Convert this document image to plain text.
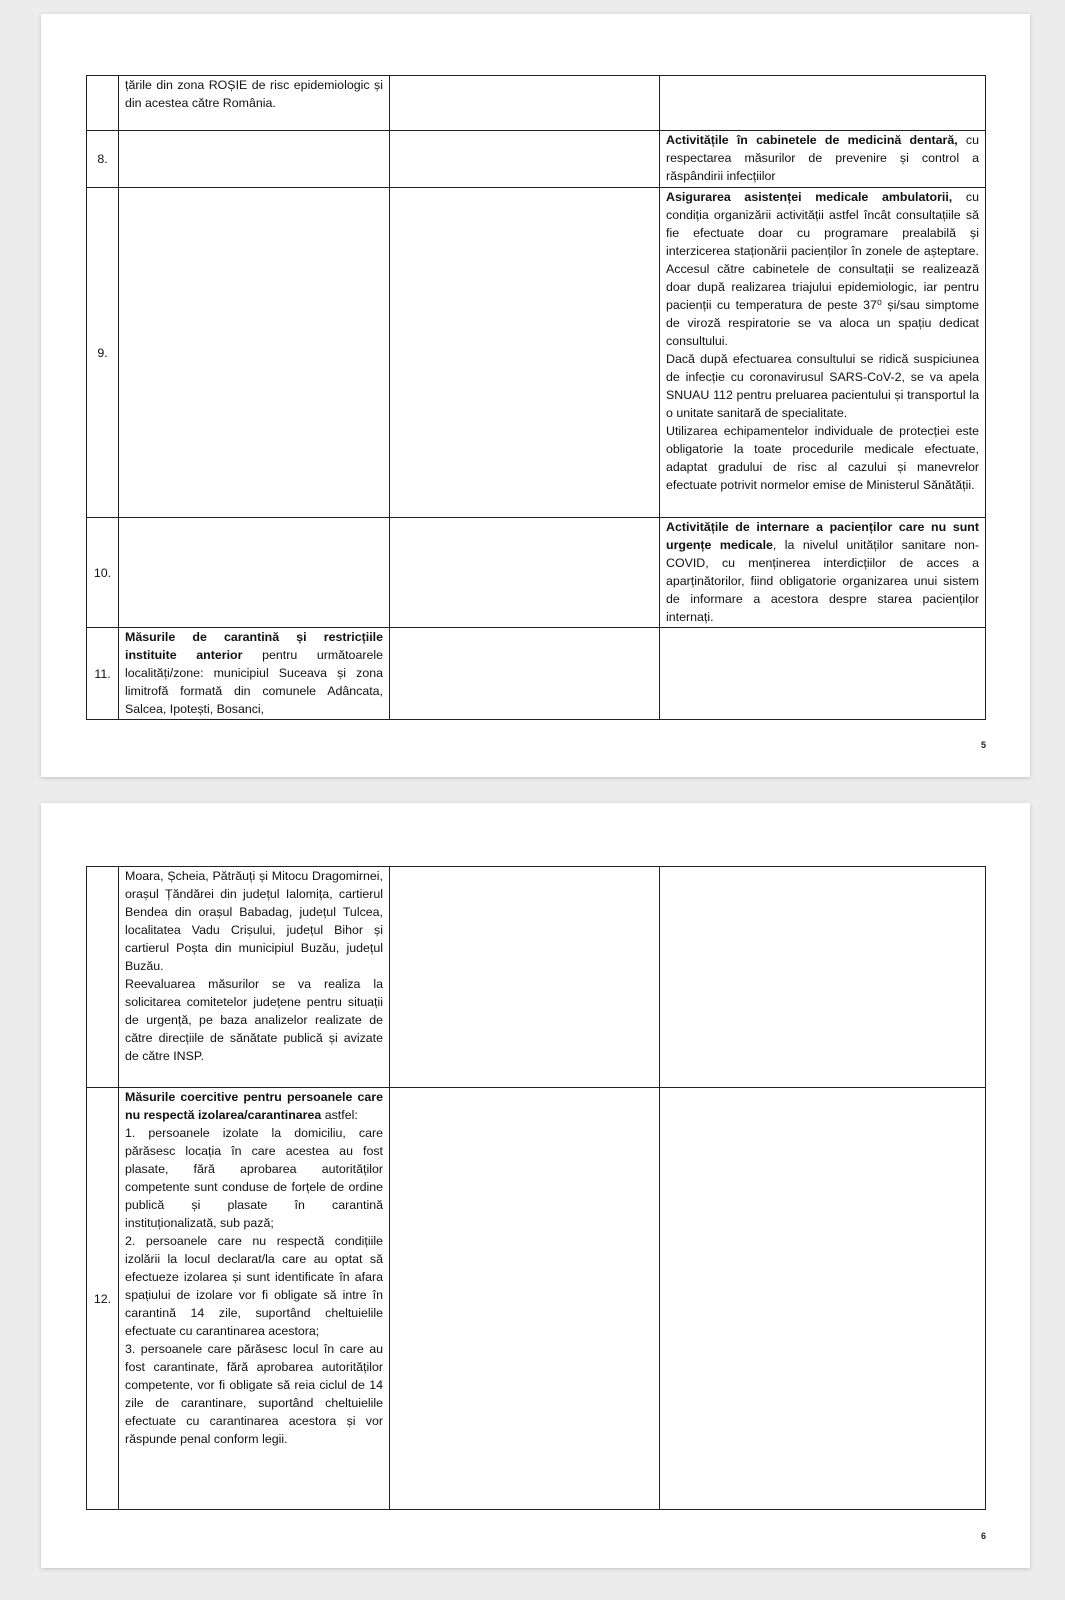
	țările din zona ROȘIE de risc epidemiologic și din acestea către România.		

8.			Activitățile în cabinetele de medicină dentară, cu respectarea măsurilor de prevenire și control a răspândirii infecțiilor

9.			Asigurarea asistenței medicale ambulatorii, cu condiția organizării activității astfel încât consultațiile să fie efectuate doar cu programare prealabilă și interzicerea staționării pacienților în zonele de așteptare. Accesul către cabinetele de consultații se realizează doar după realizarea triajului epidemiologic, iar pentru pacienții cu temperatura de peste 37⁰ și/sau simptome de viroză respiratorie se va aloca un spațiu dedicat consultului.
Dacă după efectuarea consultului se ridică suspiciunea de infecție cu coronavirusul SARS-CoV-2, se va apela SNUAU 112 pentru preluarea pacientului și transportul la o unitate sanitară de specialitate.
Utilizarea echipamentelor individuale de protecției este obligatorie la toate procedurile medicale efectuate, adaptat gradului de risc al cazului și manevrelor efectuate potrivit normelor emise de Ministerul Sănătății.

10.			Activitățile de internare a pacienților care nu sunt urgențe medicale, la nivelul unităților sanitare non-COVID, cu menținerea interdicțiilor de acces a aparținătorilor, fiind obligatorie organizarea unui sistem de informare a acestora despre starea pacienților internați.

11.	Măsurile de carantină și restricțiile instituite anterior pentru următoarele localități/zone: municipiul Suceava și zona limitrofă formată din comunele Adâncata, Salcea, Ipotești, Bosanci,		

5

	Moara, Șcheia, Pătrăuți și Mitocu Dragomirnei, orașul Țăndărei din județul Ialomița, cartierul Bendea din orașul Babadag, județul Tulcea, localitatea Vadu Crișului, județul Bihor și cartierul Poșta din municipiul Buzău, județul Buzău.
Reevaluarea măsurilor se va realiza la solicitarea comitetelor județene pentru situații de urgență, pe baza analizelor realizate de către direcțiile de sănătate publică și avizate de către INSP.		

12.	Măsurile coercitive pentru persoanele care nu respectă izolarea/carantinarea astfel:
1. persoanele izolate la domiciliu, care părăsesc locația în care acestea au fost plasate, fără aprobarea autorităților competente sunt conduse de forțele de ordine publică și plasate în carantină instituționalizată, sub pază;
2. persoanele care nu respectă condițiile izolării la locul declarat/la care au optat să efectueze izolarea și sunt identificate în afara spațiului de izolare vor fi obligate să intre în carantină 14 zile, suportând cheltuielile efectuate cu carantinarea acestora;
3. persoanele care părăsesc locul în care au fost carantinate, fără aprobarea autorităților competente, vor fi obligate să reia ciclul de 14 zile de carantinare, suportând cheltuielile efectuate cu carantinarea acestora și vor răspunde penal conform legii.		

6
